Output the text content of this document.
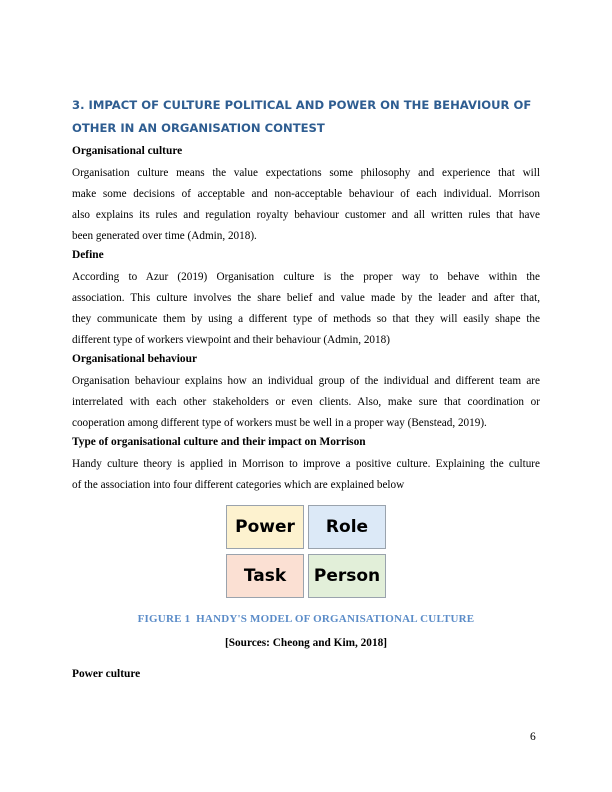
3. IMPACT OF CULTURE POLITICAL AND POWER ON THE BEHAVIOUR OF
OTHER IN AN ORGANISATION CONTEST

Organisational culture

Organisation culture means the value expectations some philosophy and experience that will
make some decisions of acceptable and non-acceptable behaviour of each individual. Morrison
also explains its rules and regulation royalty behaviour customer and all written rules that have
been generated over time (Admin, 2018).

Define

According to Azur (2019) Organisation culture is the proper way to behave within the
association. This culture involves the share belief and value made by the leader and after that,
they communicate them by using a different type of methods so that they will easily shape the
different type of workers viewpoint and their behaviour (Admin, 2018)

Organisational behaviour

Organisation behaviour explains how an individual group of the individual and different team are
interrelated with each other stakeholders or even clients. Also, make sure that coordination or
cooperation among different type of workers must be well in a proper way (Benstead, 2019).

Type of organisational culture and their impact on Morrison

Handy culture theory is applied in Morrison to improve a positive culture. Explaining the culture
of the association into four different categories which are explained below
Power	Role
Task	Person

FIGURE 1  HANDY'S MODEL OF ORGANISATIONAL CULTURE

[Sources: Cheong and Kim, 2018]

Power culture

6
